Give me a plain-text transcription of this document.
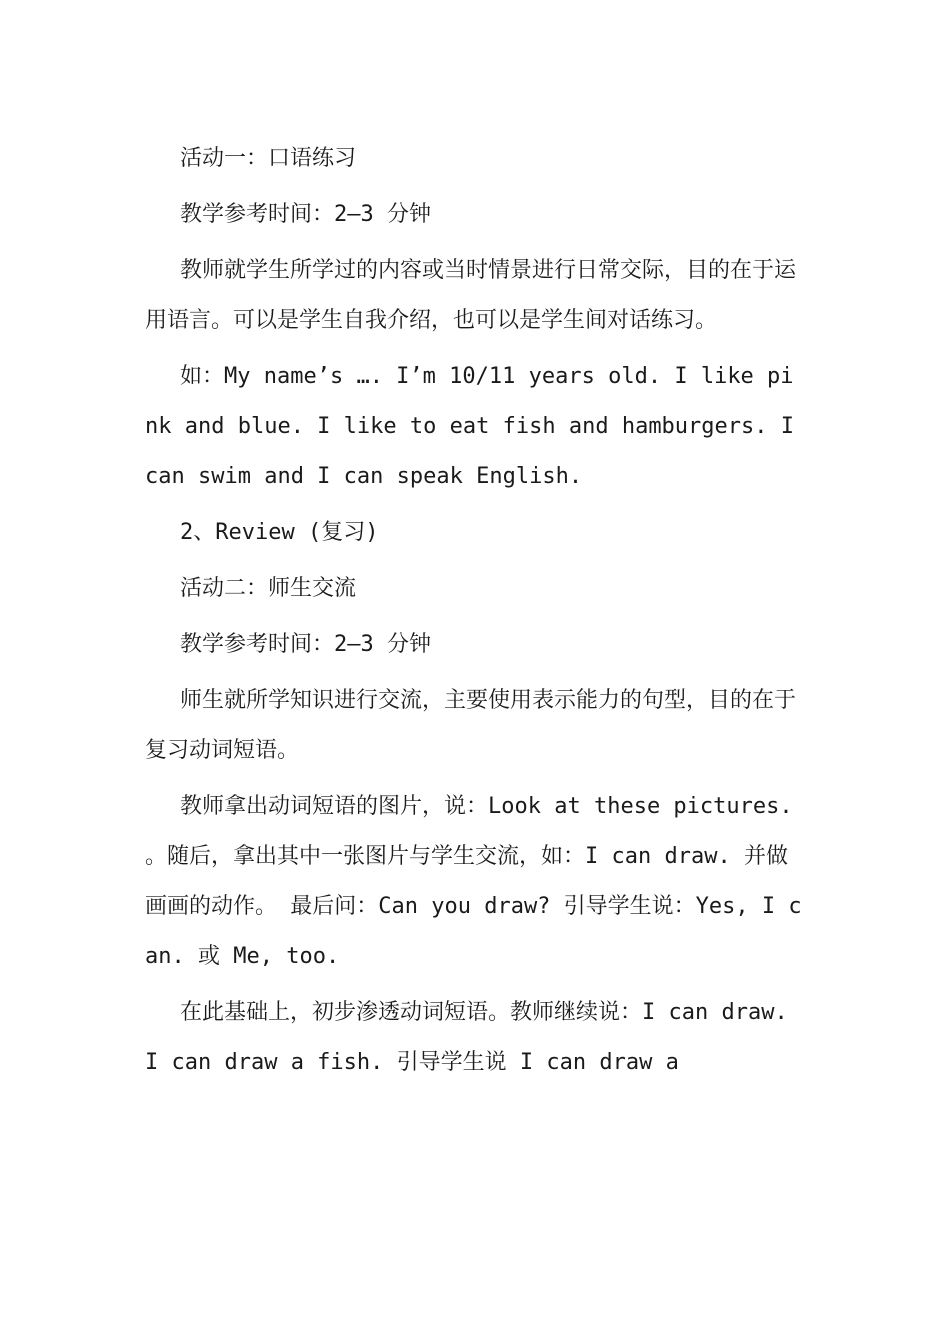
活动一：口语练习

教学参考时间：2—3 分钟

教师就学生所学过的内容或当时情景进行日常交际，目的在于运用语言。可以是学生自我介绍，也可以是学生间对话练习。

如：My name’s …. I’m 10/11 years old. I like pink and blue. I like to eat fish and hamburgers. I can swim and I can speak English.

2、Review (复习)

活动二：师生交流

教学参考时间：2—3 分钟

师生就所学知识进行交流，主要使用表示能力的句型，目的在于复习动词短语。

教师拿出动词短语的图片，说：Look at these pictures. 。随后，拿出其中一张图片与学生交流，如：I can draw. 并做画画的动作。 最后问：Can you draw? 引导学生说：Yes, I can. 或 Me, too.

在此基础上，初步渗透动词短语。教师继续说：I can draw. I can draw a fish. 引导学生说 I can draw a
